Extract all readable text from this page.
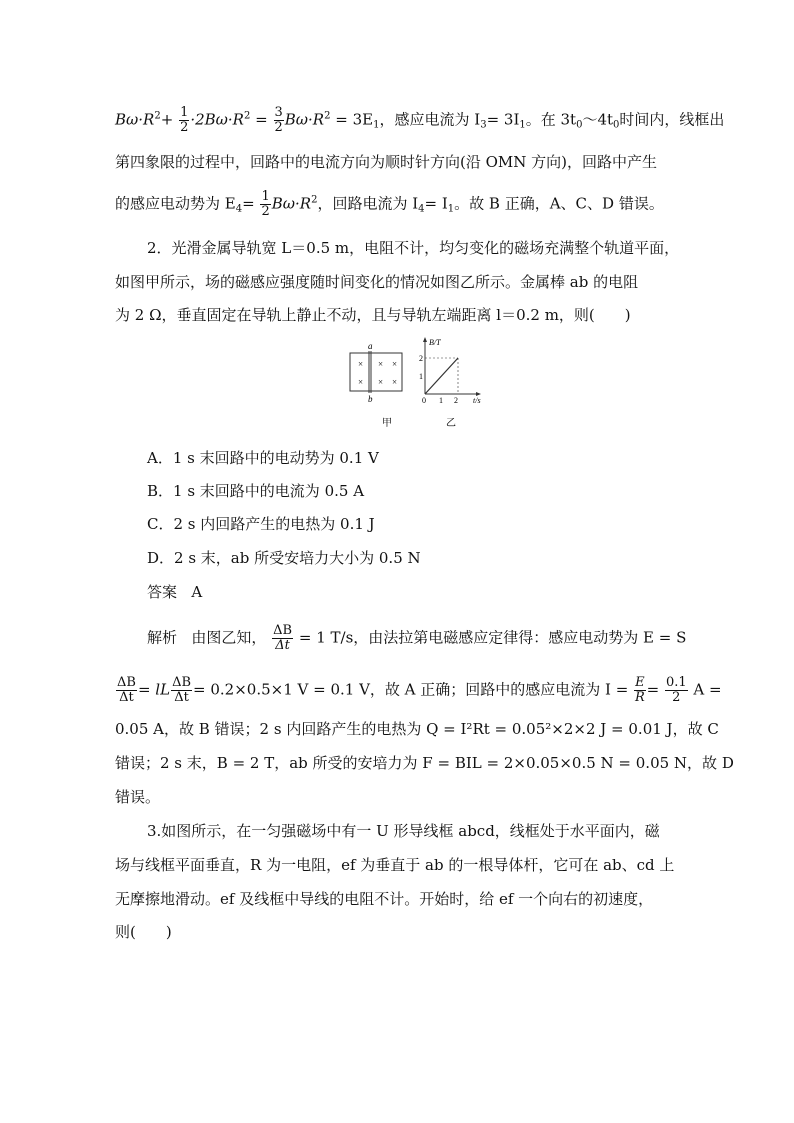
$B\omega\cdot R^2+ \frac{1}{2} \cdot 2B\omega\cdot R^2 = \frac{3}{2} B\omega\cdot R^2 = 3E_1$，感应电流为 $I_3= 3I_1$。在 $3t_0\sim 4t_0$时间内，线框出
第四象限的过程中，回路中的电流方向为顺时针方向(沿 OMN 方向)，回路中产生
的感应电动势为 $E_4= \frac{1}{2} B\omega\cdot R^2$，回路电流为 $I_4= I_1$。故 B 正确，A、C、D 错误。
2．光滑金属导轨宽 L＝0.5 m，电阻不计，均匀变化的磁场充满整个轨道平面，
如图甲所示，场的磁感应强度随时间变化的情况如图乙所示。金属棒 ab 的电阻
为 2 Ω，垂直固定在导轨上静止不动，且与导轨左端距离 l＝0.2 m，则(　　)
×
×
×
×
×
×
a
b
甲
B/T
t/s
1
2
0 1 2
乙
A．1 s 末回路中的电动势为 0.1 V
B．1 s 末回路中的电流为 0.5 A
C．2 s 内回路产生的电热为 0.1 J
D．2 s 末，ab 所受安培力大小为 0.5 N
答案 A
解析 由图乙知， $\frac{\Delta B}{\Delta t} = 1$ T/s，由法拉第电磁感应定律得：感应电动势为 E = S
$\frac{\Delta B}{\Delta t}$ = lL $\frac{\Delta B}{\Delta t} = 0.2\times 0.5\times 1$ V = 0.1 V，故 A 正确；回路中的感应电流为 $I = \frac{E}{R} = \frac{0.1}{2}$ A =
0.05 A，故 B 错误；2 s 内回路产生的电热为 Q = I²Rt = 0.05²×2×2 J = 0.01 J，故 C
错误；2 s 末，B = 2 T，ab 所受的安培力为 F = BIL = 2×0.05×0.5 N = 0.05 N，故 D
错误。
3.如图所示，在一匀强磁场中有一 U 形导线框 abcd，线框处于水平面内，磁
场与线框平面垂直，R 为一电阻，ef 为垂直于 ab 的一根导体杆，它可在 ab、cd 上
无摩擦地滑动。ef 及线框中导线的电阻不计。开始时，给 ef 一个向右的初速度，
则(　　)
